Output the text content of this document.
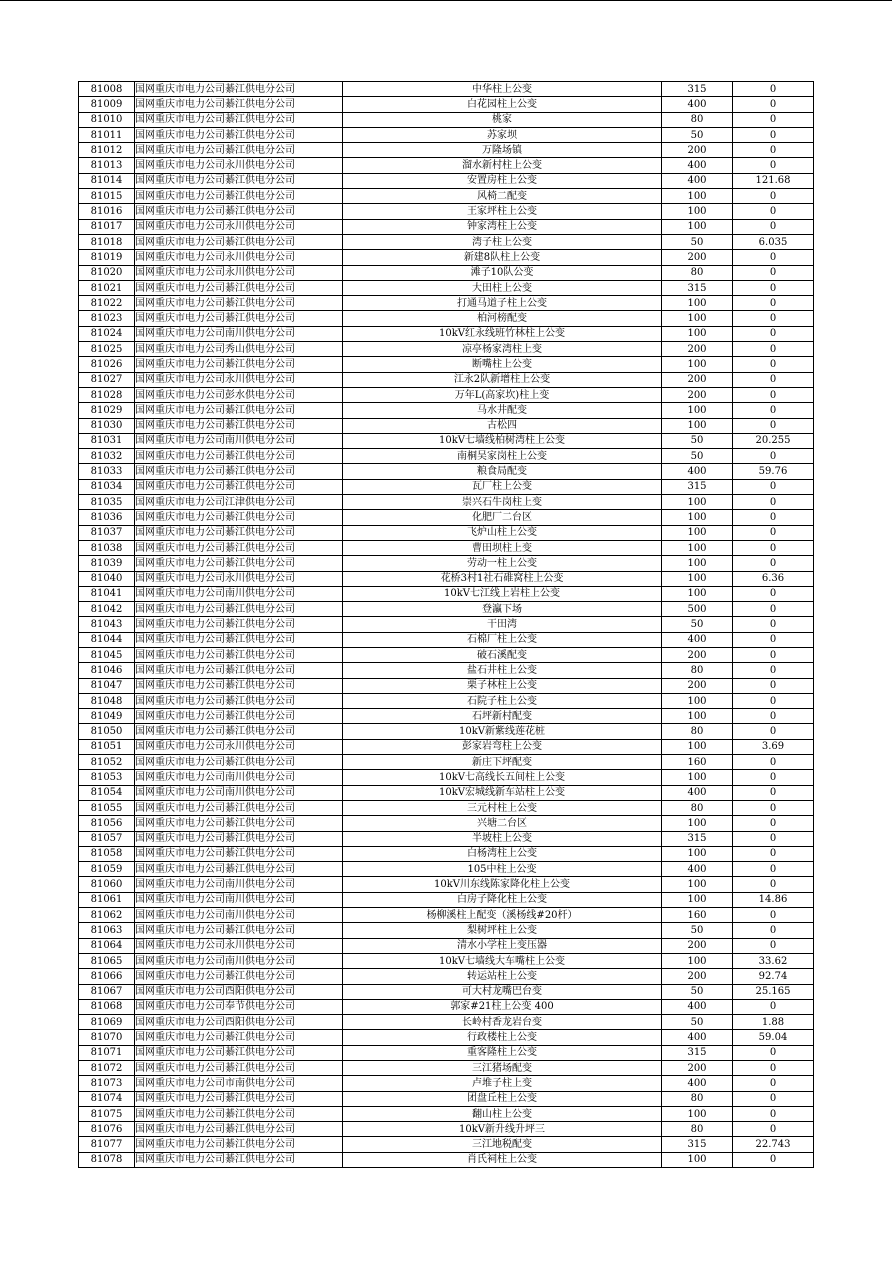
81008	国网重庆市电力公司綦江供电分公司	中华柱上公变	315	0
81009	国网重庆市电力公司綦江供电分公司	白花园柱上公变	400	0
81010	国网重庆市电力公司綦江供电分公司	桃家	80	0
81011	国网重庆市电力公司綦江供电分公司	苏家坝	50	0
81012	国网重庆市电力公司綦江供电分公司	万隆场镇	200	0
81013	国网重庆市电力公司永川供电分公司	溜水新村柱上公变	400	0
81014	国网重庆市电力公司綦江供电分公司	安置房柱上公变	400	121.68
81015	国网重庆市电力公司綦江供电分公司	风椅二配变	100	0
81016	国网重庆市电力公司綦江供电分公司	王家坪柱上公变	100	0
81017	国网重庆市电力公司永川供电分公司	钟家湾柱上公变	100	0
81018	国网重庆市电力公司綦江供电分公司	湾子柱上公变	50	6.035
81019	国网重庆市电力公司永川供电分公司	新建8队柱上公变	200	0
81020	国网重庆市电力公司永川供电分公司	滩子10队公变	80	0
81021	国网重庆市电力公司綦江供电分公司	大田柱上公变	315	0
81022	国网重庆市电力公司綦江供电分公司	打通马道子柱上公变	100	0
81023	国网重庆市电力公司綦江供电分公司	柏河榜配变	100	0
81024	国网重庆市电力公司南川供电分公司	10kV红永线班竹林柱上公变	100	0
81025	国网重庆市电力公司秀山供电分公司	凉亭杨家湾柱上变	200	0
81026	国网重庆市电力公司綦江供电分公司	断嘴柱上公变	100	0
81027	国网重庆市电力公司永川供电分公司	江永2队新增柱上公变	200	0
81028	国网重庆市电力公司彭水供电分公司	万年L(高家坎)柱上变	200	0
81029	国网重庆市电力公司綦江供电分公司	马水井配变	100	0
81030	国网重庆市电力公司綦江供电分公司	古松四	100	0
81031	国网重庆市电力公司南川供电分公司	10kV七墙线柏树湾柱上公变	50	20.255
81032	国网重庆市电力公司綦江供电分公司	南桐吴家岗柱上公变	50	0
81033	国网重庆市电力公司綦江供电分公司	粮食局配变	400	59.76
81034	国网重庆市电力公司綦江供电分公司	瓦厂柱上公变	315	0
81035	国网重庆市电力公司江津供电分公司	崇兴石牛岗柱上变	100	0
81036	国网重庆市电力公司綦江供电分公司	化肥厂二台区	100	0
81037	国网重庆市电力公司綦江供电分公司	飞炉山柱上公变	100	0
81038	国网重庆市电力公司綦江供电分公司	曹田坝柱上变	100	0
81039	国网重庆市电力公司綦江供电分公司	劳动一柱上公变	100	0
81040	国网重庆市电力公司永川供电分公司	花桥3村1社石碓窝柱上公变	100	6.36
81041	国网重庆市电力公司南川供电分公司	10kV七江线上岩柱上公变	100	0
81042	国网重庆市电力公司綦江供电分公司	登瀛下场	500	0
81043	国网重庆市电力公司綦江供电分公司	干田湾	50	0
81044	国网重庆市电力公司綦江供电分公司	石棉厂柱上公变	400	0
81045	国网重庆市电力公司綦江供电分公司	破石溪配变	200	0
81046	国网重庆市电力公司綦江供电分公司	盐石井柱上公变	80	0
81047	国网重庆市电力公司綦江供电分公司	栗子林柱上公变	200	0
81048	国网重庆市电力公司綦江供电分公司	石院子柱上公变	100	0
81049	国网重庆市电力公司綦江供电分公司	石坪新村配变	100	0
81050	国网重庆市电力公司綦江供电分公司	10kV新紫线莲花桩	80	0
81051	国网重庆市电力公司永川供电分公司	彭家岩弯柱上公变	100	3.69
81052	国网重庆市电力公司綦江供电分公司	新庄下坪配变	160	0
81053	国网重庆市电力公司南川供电分公司	10kV七高线长五间柱上公变	100	0
81054	国网重庆市电力公司南川供电分公司	10kV宏城线新车站柱上公变	400	0
81055	国网重庆市电力公司綦江供电分公司	三元村柱上公变	80	0
81056	国网重庆市电力公司綦江供电分公司	兴塘二台区	100	0
81057	国网重庆市电力公司綦江供电分公司	半坡柱上公变	315	0
81058	国网重庆市电力公司綦江供电分公司	白杨湾柱上公变	100	0
81059	国网重庆市电力公司綦江供电分公司	105中柱上公变	400	0
81060	国网重庆市电力公司南川供电分公司	10kV川东线陈家降化柱上公变	100	0
81061	国网重庆市电力公司南川供电分公司	白房子降化柱上公变	100	14.86
81062	国网重庆市电力公司南川供电分公司	杨柳溪柱上配变（溪杨线#20杆）	160	0
81063	国网重庆市电力公司綦江供电分公司	梨树坪柱上公变	50	0
81064	国网重庆市电力公司永川供电分公司	清水小学柱上变压器	200	0
81065	国网重庆市电力公司南川供电分公司	10kV七墙线大车嘴柱上公变	100	33.62
81066	国网重庆市电力公司綦江供电分公司	转运站柱上公变	200	92.74
81067	国网重庆市电力公司酉阳供电分公司	可大村龙嘴巴台变	50	25.165
81068	国网重庆市电力公司奉节供电分公司	郭家#21柱上公变 400	400	0
81069	国网重庆市电力公司酉阳供电分公司	长岭村香龙岩台变	50	1.88
81070	国网重庆市电力公司綦江供电分公司	行政楼柱上公变	400	59.04
81071	国网重庆市电力公司綦江供电分公司	重客隆柱上公变	315	0
81072	国网重庆市电力公司綦江供电分公司	三江猪场配变	200	0
81073	国网重庆市电力公司市南供电分公司	卢堆子柱上变	400	0
81074	国网重庆市电力公司綦江供电分公司	团盘丘柱上公变	80	0
81075	国网重庆市电力公司綦江供电分公司	翻山柱上公变	100	0
81076	国网重庆市电力公司綦江供电分公司	10kV新升线升坪三	80	0
81077	国网重庆市电力公司綦江供电分公司	三江地税配变	315	22.743
81078	国网重庆市电力公司綦江供电分公司	肖氏祠柱上公变	100	0
